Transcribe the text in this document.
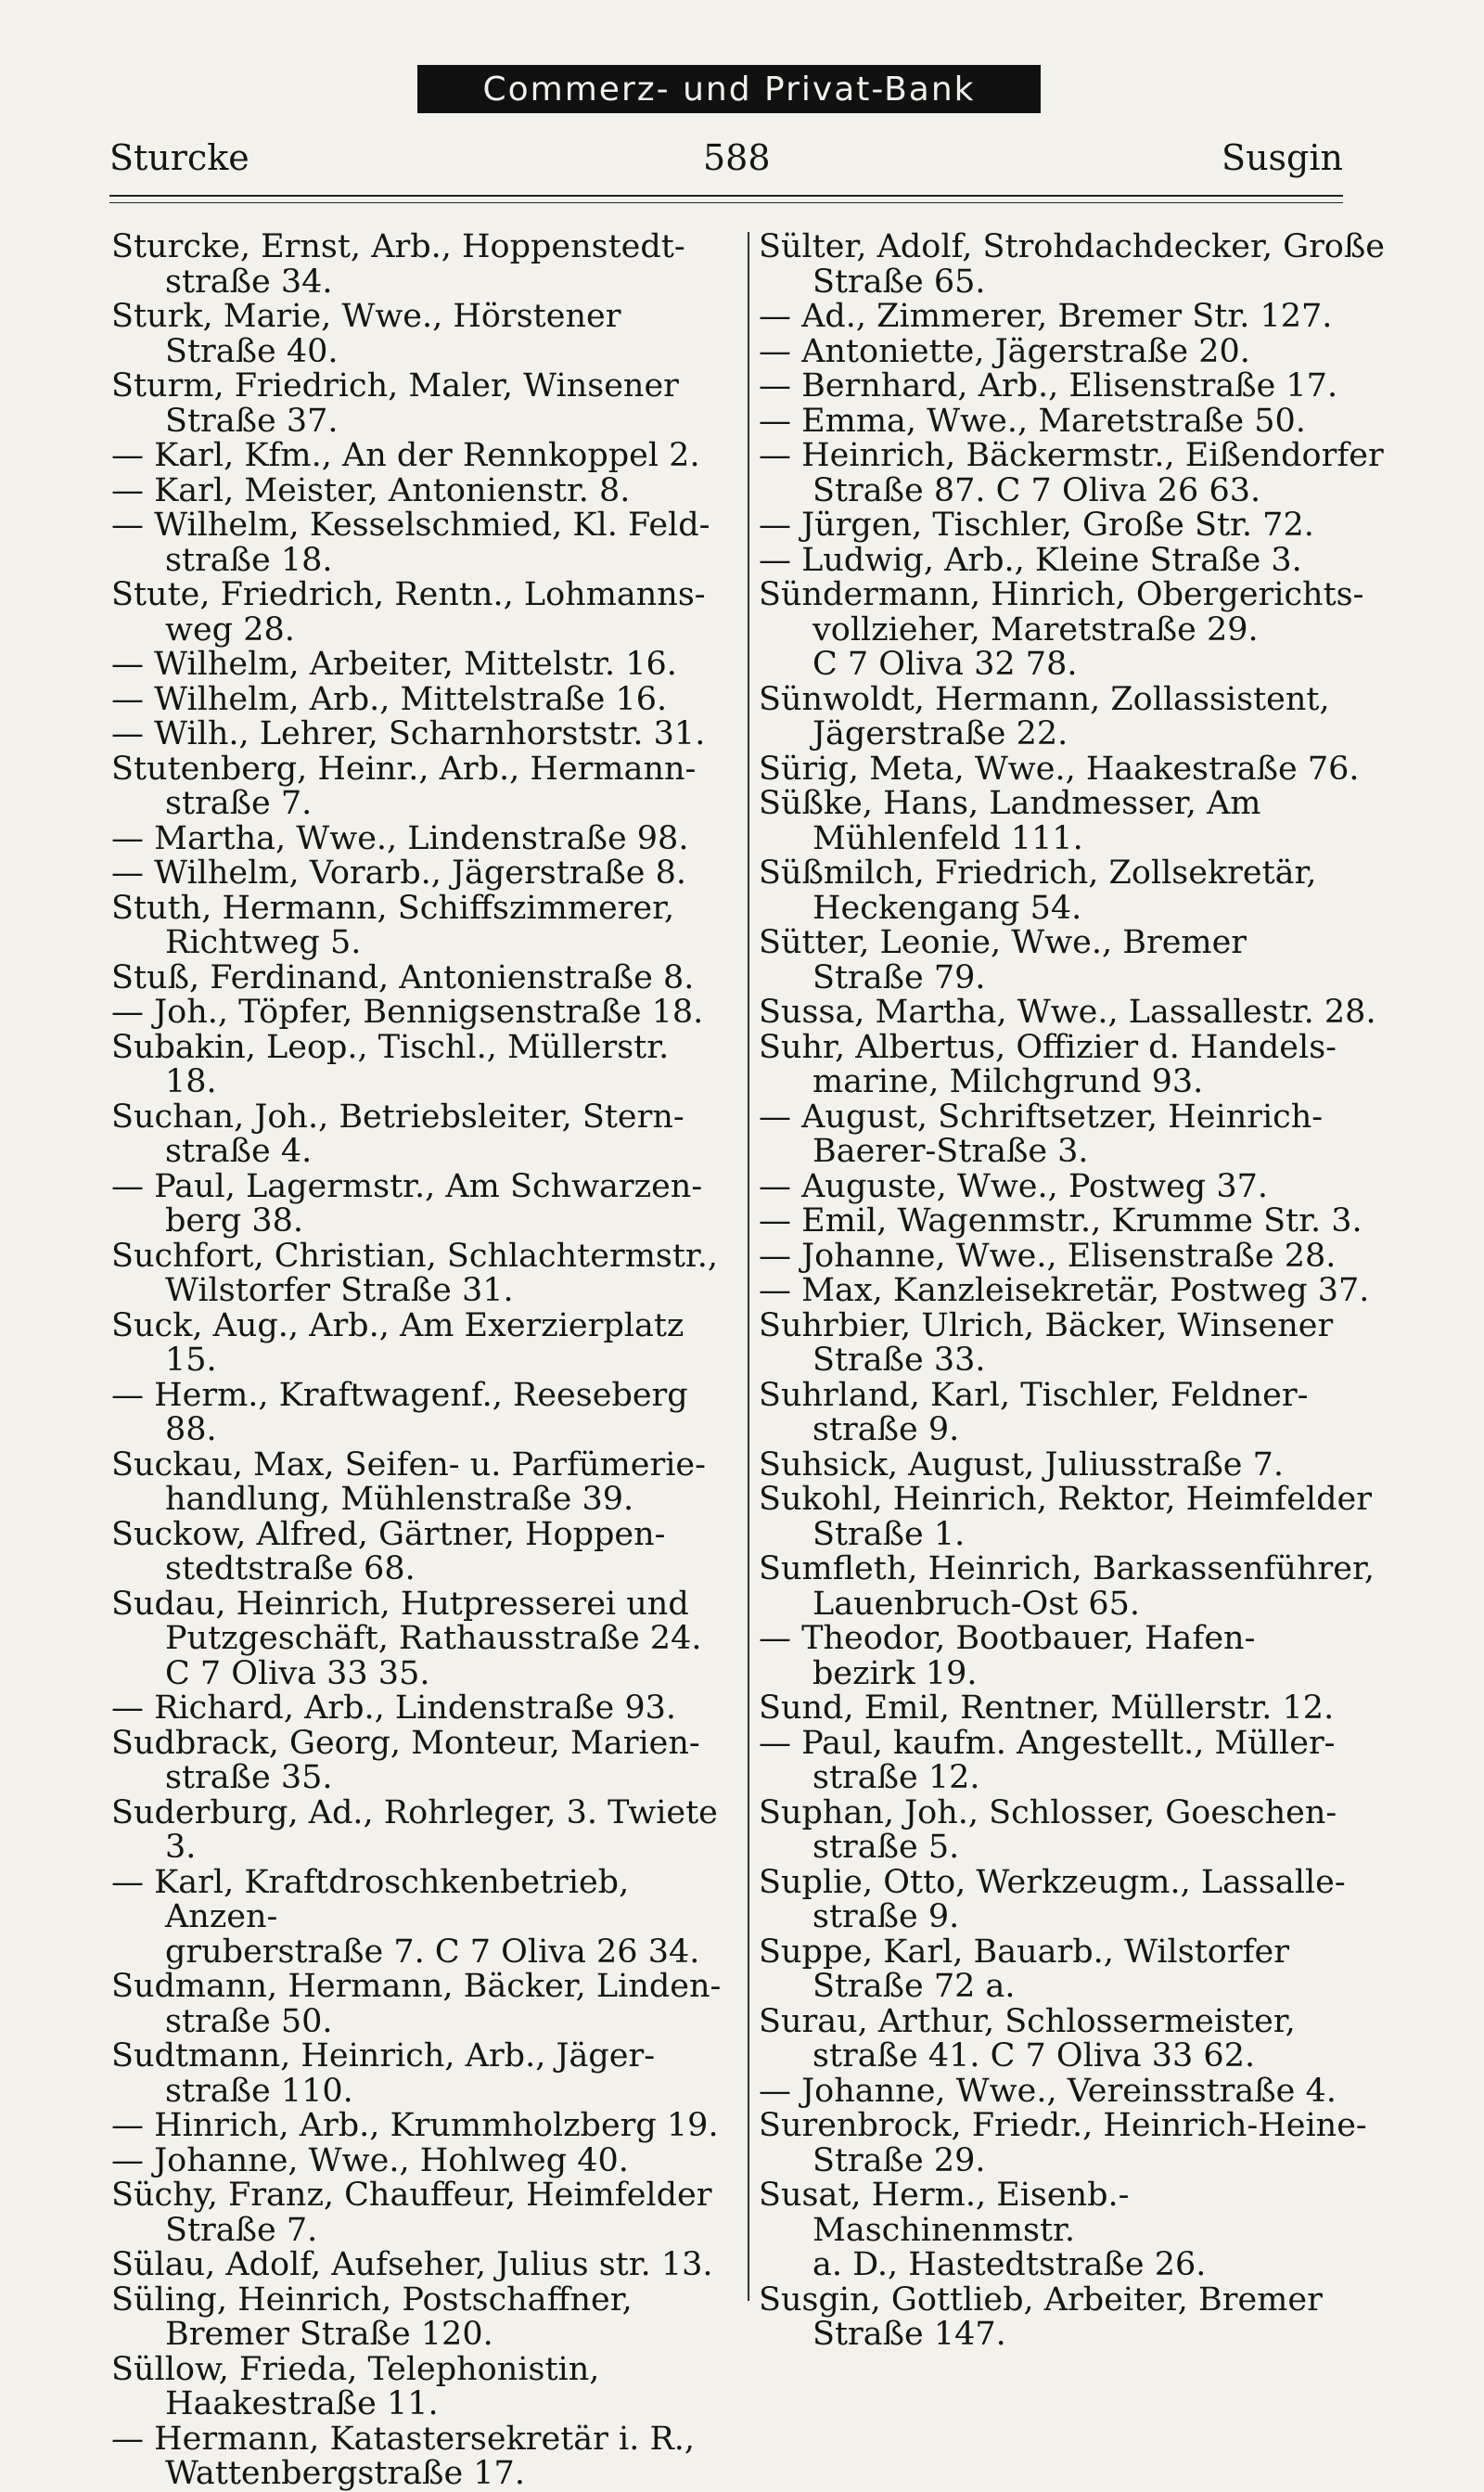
Commerz- und Privat-Bank
Sturcke	588	Susgin
Sturcke, Ernst, Arb., Hoppenstedt-
straße 34.
Sturk, Marie, Wwe., Hörstener
Straße 40.
Sturm, Friedrich, Maler, Winsener
Straße 37.
— Karl, Kfm., An der Rennkoppel 2.
— Karl, Meister, Antonienstr. 8.
— Wilhelm, Kesselschmied, Kl. Feld-
straße 18.
Stute, Friedrich, Rentn., Lohmanns-
weg 28.
— Wilhelm, Arbeiter, Mittelstr. 16.
— Wilhelm, Arb., Mittelstraße 16.
— Wilh., Lehrer, Scharnhorststr. 31.
Stutenberg, Heinr., Arb., Hermann-
straße 7.
— Martha, Wwe., Lindenstraße 98.
— Wilhelm, Vorarb., Jägerstraße 8.
Stuth, Hermann, Schiffszimmerer,
Richtweg 5.
Stuß, Ferdinand, Antonienstraße 8.
— Joh., Töpfer, Bennigsenstraße 18.
Subakin, Leop., Tischl., Müllerstr. 18.
Suchan, Joh., Betriebsleiter, Stern-
straße 4.
— Paul, Lagermstr., Am Schwarzen-
berg 38.
Suchfort, Christian, Schlachtermstr.,
Wilstorfer Straße 31.
Suck, Aug., Arb., Am Exerzierplatz 15.
— Herm., Kraftwagenf., Reeseberg 88.
Suckau, Max, Seifen- u. Parfümerie-
handlung, Mühlenstraße 39.
Suckow, Alfred, Gärtner, Hoppen-
stedtstraße 68.
Sudau, Heinrich, Hutpresserei und
Putzgeschäft, Rathausstraße 24.
C 7 Oliva 33 35.
— Richard, Arb., Lindenstraße 93.
Sudbrack, Georg, Monteur, Marien-
straße 35.
Suderburg, Ad., Rohrleger, 3. Twiete 3.
— Karl, Kraftdroschkenbetrieb, Anzen-
gruberstraße 7. C 7 Oliva 26 34.
Sudmann, Hermann, Bäcker, Linden-
straße 50.
Sudtmann, Heinrich, Arb., Jäger-
straße 110.
— Hinrich, Arb., Krummholzberg 19.
— Johanne, Wwe., Hohlweg 40.
Süchy, Franz, Chauffeur, Heimfelder
Straße 7.
Sülau, Adolf, Aufseher, Julius str. 13.
Süling, Heinrich, Postschaffner,
Bremer Straße 120.
Süllow, Frieda, Telephonistin,
Haakestraße 11.
— Hermann, Katastersekretär i. R.,
Wattenbergstraße 17.
Sülter, Adolf, Strohdachdecker, Große
Straße 65.
— Ad., Zimmerer, Bremer Str. 127.
— Antoniette, Jägerstraße 20.
— Bernhard, Arb., Elisenstraße 17.
— Emma, Wwe., Maretstraße 50.
— Heinrich, Bäckermstr., Eißendorfer
Straße 87. C 7 Oliva 26 63.
— Jürgen, Tischler, Große Str. 72.
— Ludwig, Arb., Kleine Straße 3.
Sündermann, Hinrich, Obergerichts-
vollzieher, Maretstraße 29.
C 7 Oliva 32 78.
Sünwoldt, Hermann, Zollassistent,
Jägerstraße 22.
Sürig, Meta, Wwe., Haakestraße 76.
Süßke, Hans, Landmesser, Am
Mühlenfeld 111.
Süßmilch, Friedrich, Zollsekretär,
Heckengang 54.
Sütter, Leonie, Wwe., Bremer
Straße 79.
Sussa, Martha, Wwe., Lassallestr. 28.
Suhr, Albertus, Offizier d. Handels-
marine, Milchgrund 93.
— August, Schriftsetzer, Heinrich-
Baerer-Straße 3.
— Auguste, Wwe., Postweg 37.
— Emil, Wagenmstr., Krumme Str. 3.
— Johanne, Wwe., Elisenstraße 28.
— Max, Kanzleisekretär, Postweg 37.
Suhrbier, Ulrich, Bäcker, Winsener
Straße 33.
Suhrland, Karl, Tischler, Feldner-
straße 9.
Suhsick, August, Juliusstraße 7.
Sukohl, Heinrich, Rektor, Heimfelder
Straße 1.
Sumfleth, Heinrich, Barkassenführer,
Lauenbruch-Ost 65.
— Theodor, Bootbauer, Hafen-
bezirk 19.
Sund, Emil, Rentner, Müllerstr. 12.
— Paul, kaufm. Angestellt., Müller-
straße 12.
Suphan, Joh., Schlosser, Goeschen-
straße 5.
Suplie, Otto, Werkzeugm., Lassalle-
straße 9.
Suppe, Karl, Bauarb., Wilstorfer
Straße 72 a.
Surau, Arthur, Schlossermeister,
straße 41. C 7 Oliva 33 62.
— Johanne, Wwe., Vereinsstraße 4.
Surenbrock, Friedr., Heinrich-Heine-
Straße 29.
Susat, Herm., Eisenb.-Maschinenmstr.
a. D., Hastedtstraße 26.
Susgin, Gottlieb, Arbeiter, Bremer
Straße 147.
